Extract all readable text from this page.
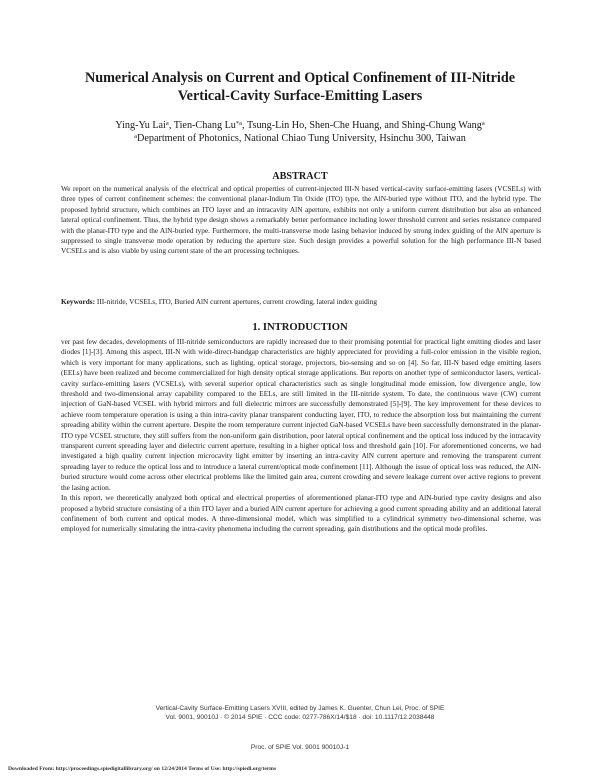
Numerical Analysis on Current and Optical Confinement of III-Nitride Vertical-Cavity Surface-Emitting Lasers
Ying-Yu Lai$^a$, Tien-Chang Lu$^{*a}$, Tsung-Lin Ho, Shen-Che Huang, and Shing-Chung Wang$^a$
$^a$Department of Photonics, National Chiao Tung University, Hsinchu 300, Taiwan
ABSTRACT
We report on the numerical analysis of the electrical and optical properties of current-injected III-N based vertical-cavity surface-emitting lasers (VCSELs) with three types of current confinement schemes: the conventional planar-Indium Tin Oxide (ITO) type, the AlN-buried type without ITO, and the hybrid type. The proposed hybrid structure, which combines an ITO layer and an intracavity AlN aperture, exhibits not only a uniform current distribution but also an enhanced lateral optical confinement. Thus, the hybrid type design shows a remarkably better performance including lower threshold current and series resistance compared with the planar-ITO type and the AlN-buried type. Furthermore, the multi-transverse mode lasing behavior induced by strong index guiding of the AlN aperture is suppressed to single transverse mode operation by reducing the aperture size. Such design provides a powerful solution for the high performance III-N based VCSELs and is also viable by using current state of the art processing techniques.
Keywords: III-nitride, VCSELs, ITO, Buried AlN current apertures, current crowding, lateral index guiding
1. INTRODUCTION

ver past few decades, developments of III-nitride semiconductors are rapidly increased due to their promising potential for practical light emitting diodes and laser diodes [1]-[3]. Among this aspect, III-N with wide-direct-bandgap characteristics are highly appreciated for providing a full-color emission in the visible region, which is very important for many applications, such as lighting, optical storage, projectors, bio-sensing and so on [4]. So far, III-N based edge emitting lasers (EELs) have been realized and become commercialized for high density optical storage applications. But reports on another type of semiconductor lasers, vertical-cavity surface-emitting lasers (VCSELs), with several superior optical characteristics such as single longitudinal mode emission, low divergence angle, low threshold and two-dimensional array capability compared to the EELs, are still limited in the III-nitride system. To date, the continuous wave (CW) current injection of GaN-based VCSEL with hybrid mirrors and full dielectric mirrors are successfully demonstrated [5]-[9]. The key improvement for these devices to achieve room temperature operation is using a thin intra-cavity planar transparent conducting layer, ITO, to reduce the absorption loss but maintaining the current spreading ability within the current aperture. Despite the room temperature current injected GaN-based VCSELs have been successfully demonstrated in the planar-ITO type VCSEL structure, they still suffers from the non-uniform gain distribution, poor lateral optical confinement and the optical loss induced by the intracavity transparent current spreading layer and dielectric current aperture, resulting in a higher optical loss and threshold gain [10]. For aforementioned concerns, we had investigated a high quality current injection microcavity light emitter by inserting an intra-cavity AlN current aperture and removing the transparent current spreading layer to reduce the optical loss and to introduce a lateral current/optical mode confinement [11]. Although the issue of optical loss was reduced, the AlN-buried structure would come across other electrical problems like the limited gain area, current crowding and severe leakage current over active regions to prevent the lasing action.

In this report, we theoretically analyzed both optical and electrical properties of aforementioned planar-ITO type and AlN-buried type cavity designs and also proposed a hybrid structure consisting of a thin ITO layer and a buried AlN current aperture for achieving a good current spreading ability and an additional lateral confinement of both current and optical modes. A three-dimensional model, which was simplified to a cylindrical symmetry two-dimensional scheme, was employed for numerically simulating the intra-cavity phenomena including the current spreading, gain distributions and the optical mode profiles.

Vertical-Cavity Surface-Emitting Lasers XVIII, edited by James K. Guenter, Chun Lei, Proc. of SPIE
Vol. 9001, 90010J · © 2014 SPIE · CCC code: 0277-786X/14/$18 · doi: 10.1117/12.2038448
Proc. of SPIE Vol. 9001 90010J-1
Downloaded From: http://proceedings.spiedigitallibrary.org/ on 12/24/2014 Terms of Use: http://spiedl.org/terms
